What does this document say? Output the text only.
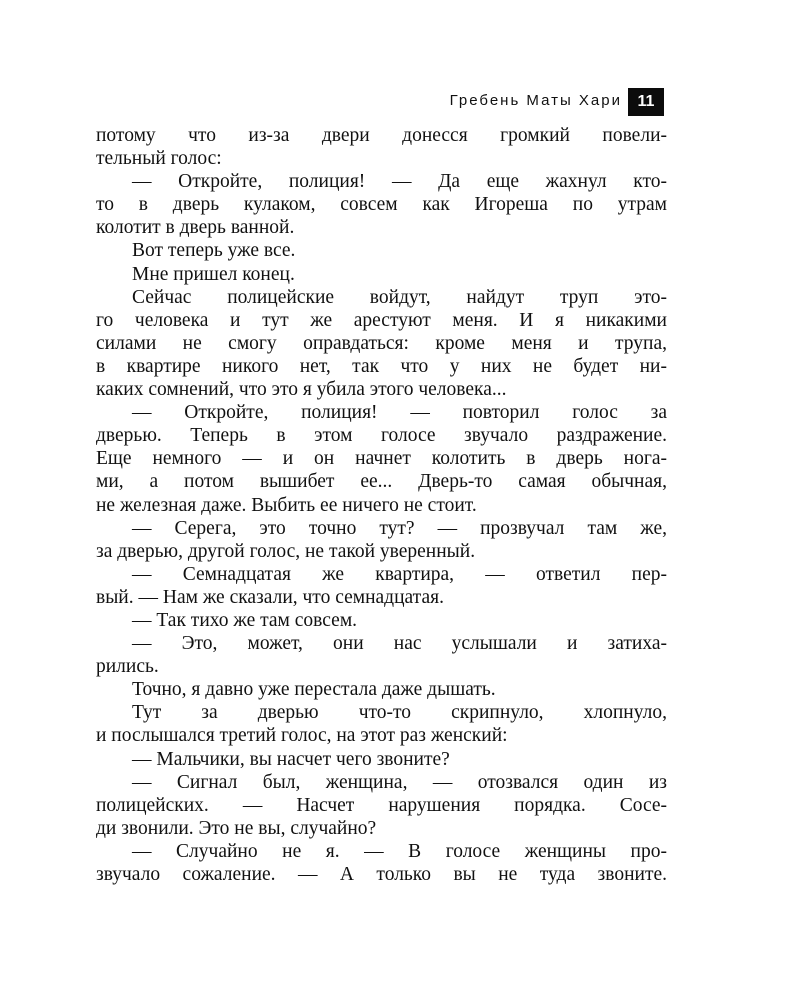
Гребень Маты Хари 11
потому что из-за двери донесся громкий повели-
тельный голос:
— Откройте, полиция! — Да еще жахнул кто-
то в дверь кулаком, совсем как Игореша по утрам
колотит в дверь ванной.
Вот теперь уже все.
Мне пришел конец.
Сейчас полицейские войдут, найдут труп это-
го человека и тут же арестуют меня. И я никакими
силами не смогу оправдаться: кроме меня и трупа,
в квартире никого нет, так что у них не будет ни-
каких сомнений, что это я убила этого человека...
— Откройте, полиция! — повторил голос за
дверью. Теперь в этом голосе звучало раздражение.
Еще немного — и он начнет колотить в дверь нога-
ми, а потом вышибет ее... Дверь-то самая обычная,
не железная даже. Выбить ее ничего не стоит.
— Серега, это точно тут? — прозвучал там же,
за дверью, другой голос, не такой уверенный.
— Семнадцатая же квартира, — ответил пер-
вый. — Нам же сказали, что семнадцатая.
— Так тихо же там совсем.
— Это, может, они нас услышали и затиха-
рились.
Точно, я давно уже перестала даже дышать.
Тут за дверью что-то скрипнуло, хлопнуло,
и послышался третий голос, на этот раз женский:
— Мальчики, вы насчет чего звоните?
— Сигнал был, женщина, — отозвался один из
полицейских. — Насчет нарушения порядка. Сосе-
ди звонили. Это не вы, случайно?
— Случайно не я. — В голосе женщины про-
звучало сожаление. — А только вы не туда звоните.
